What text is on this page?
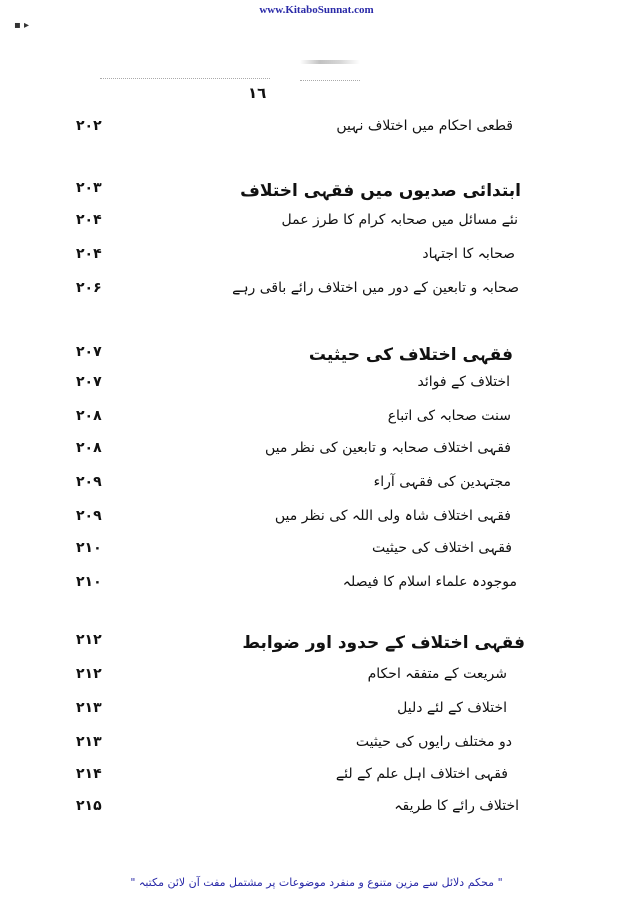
www.KitaboSunnat.com
▪ ▸
١٦
قطعی احکام میں اختلاف نہیں
۲۰۲
ابتدائی صدیوں میں فقہی اختلاف
۲۰۳
نئے مسائل میں صحابہ کرام کا طرز عمل
۲۰۴
صحابہ کا اجتہاد
۲۰۴
صحابہ و تابعین کے دور میں اختلاف رائے باقی رہے
۲۰۶
فقہی اختلاف کی حیثیت
۲۰۷
اختلاف کے فوائد
۲۰۷
سنت صحابہ کی اتباع
۲۰۸
فقہی اختلاف صحابہ و تابعین کی نظر میں
۲۰۸
مجتہدین کی فقہی آراء
۲۰۹
فقہی اختلاف شاہ ولی اللہ کی نظر میں
۲۰۹
فقہی اختلاف کی حیثیت
۲۱۰
موجودہ علماء اسلام کا فیصلہ
۲۱۰
فقہی اختلاف کے حدود اور ضوابط
۲۱۲
شریعت کے متفقہ احکام
۲۱۲
اختلاف کے لئے دلیل
۲۱۳
دو مختلف رایوں کی حیثیت
۲۱۳
فقہی اختلاف اہل علم کے لئے
۲۱۴
اختلاف رائے کا طریقہ
۲۱۵
" محکم دلائل سے مزین متنوع و منفرد موضوعات پر مشتمل مفت آن لائن مکتبہ "
